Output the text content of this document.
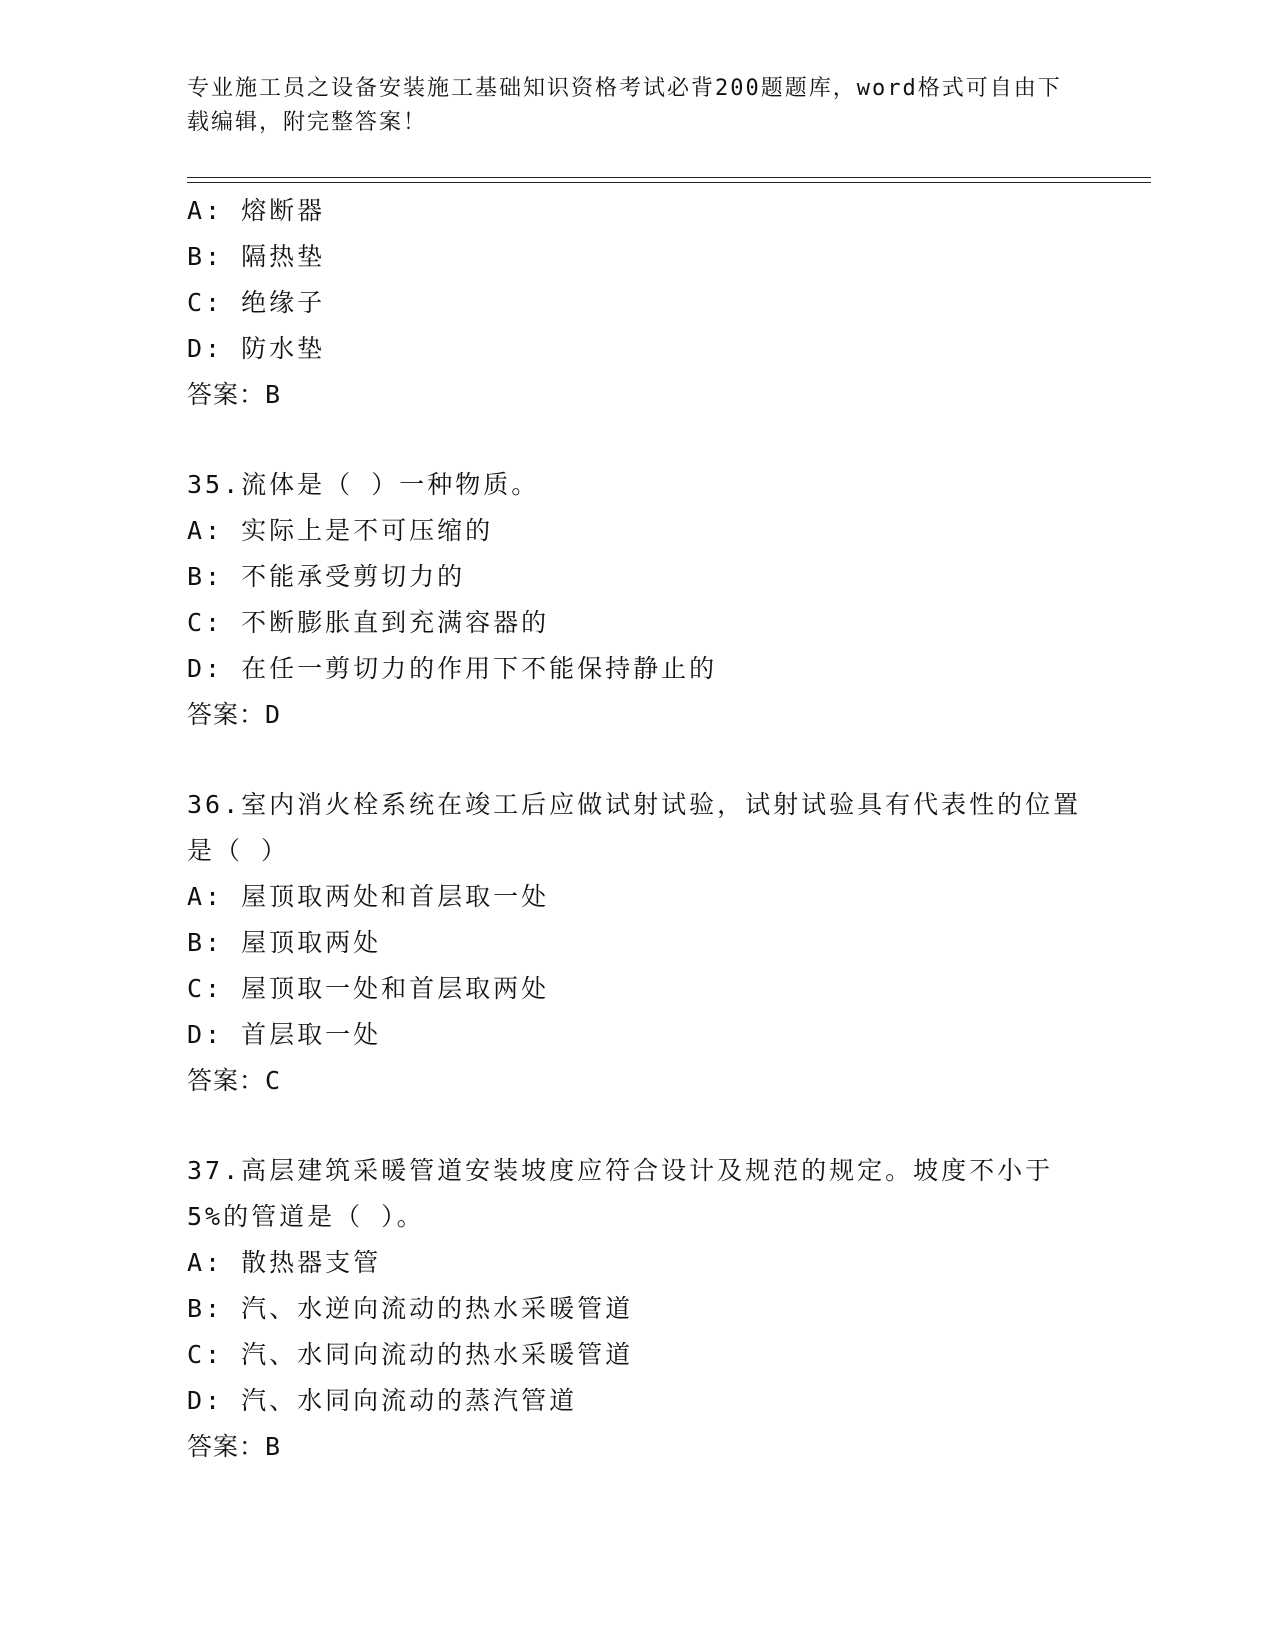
专业施工员之设备安装施工基础知识资格考试必背200题题库，word格式可自由下载编辑，附完整答案！
A: 熔断器
B: 隔热垫
C: 绝缘子
D: 防水垫
答案：B
35.流体是（ ）一种物质。
A: 实际上是不可压缩的
B: 不能承受剪切力的
C: 不断膨胀直到充满容器的
D: 在任一剪切力的作用下不能保持静止的
答案：D
36.室内消火栓系统在竣工后应做试射试验，试射试验具有代表性的位置是（ ）
A: 屋顶取两处和首层取一处
B: 屋顶取两处
C: 屋顶取一处和首层取两处
D: 首层取一处
答案：C
37.高层建筑采暖管道安装坡度应符合设计及规范的规定。坡度不小于5%的管道是（ ）。
A: 散热器支管
B: 汽、水逆向流动的热水采暖管道
C: 汽、水同向流动的热水采暖管道
D: 汽、水同向流动的蒸汽管道
答案：B
